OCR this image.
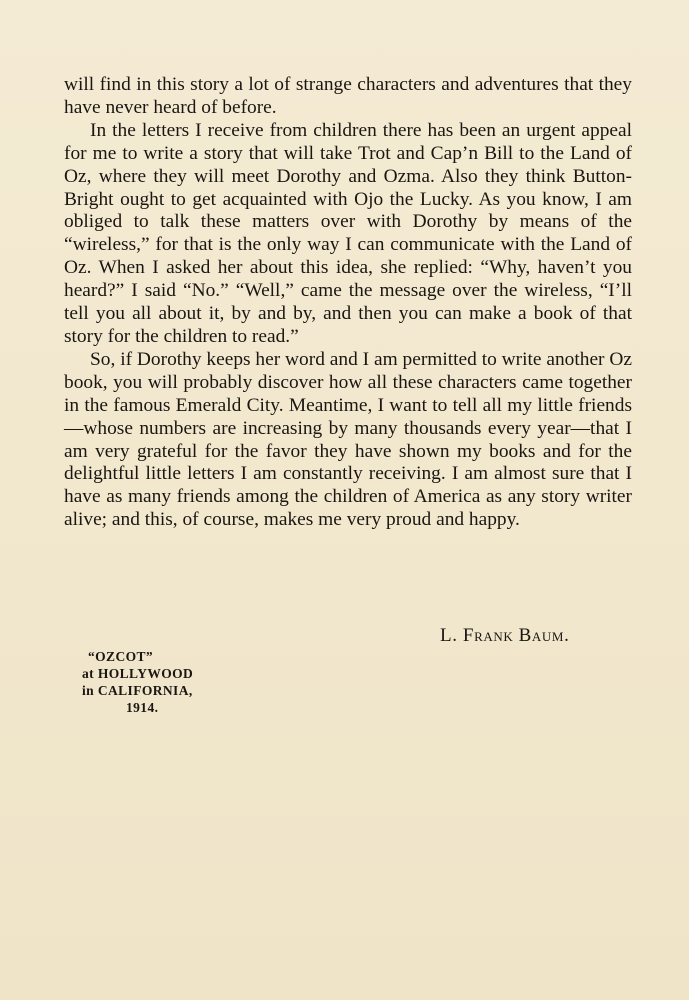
will find in this story a lot of strange characters and adventures that they have never heard of before.

In the letters I receive from children there has been an urgent appeal for me to write a story that will take Trot and Cap’n Bill to the Land of Oz, where they will meet Dorothy and Ozma. Also they think Button-Bright ought to get acquainted with Ojo the Lucky. As you know, I am obliged to talk these matters over with Dorothy by means of the “wireless,” for that is the only way I can communicate with the Land of Oz. When I asked her about this idea, she replied: “Why, haven’t you heard?” I said “No.” “Well,” came the message over the wireless, “I’ll tell you all about it, by and by, and then you can make a book of that story for the children to read.”

So, if Dorothy keeps her word and I am permitted to write another Oz book, you will probably discover how all these characters came together in the famous Emerald City. Meantime, I want to tell all my little friends—whose numbers are increasing by many thousands every year—that I am very grateful for the favor they have shown my books and for the delightful little letters I am constantly receiving. I am almost sure that I have as many friends among the children of America as any story writer alive; and this, of course, makes me very proud and happy.

L. Frank Baum.
“OZCOT”
at HOLLYWOOD
in CALIFORNIA,
1914.
